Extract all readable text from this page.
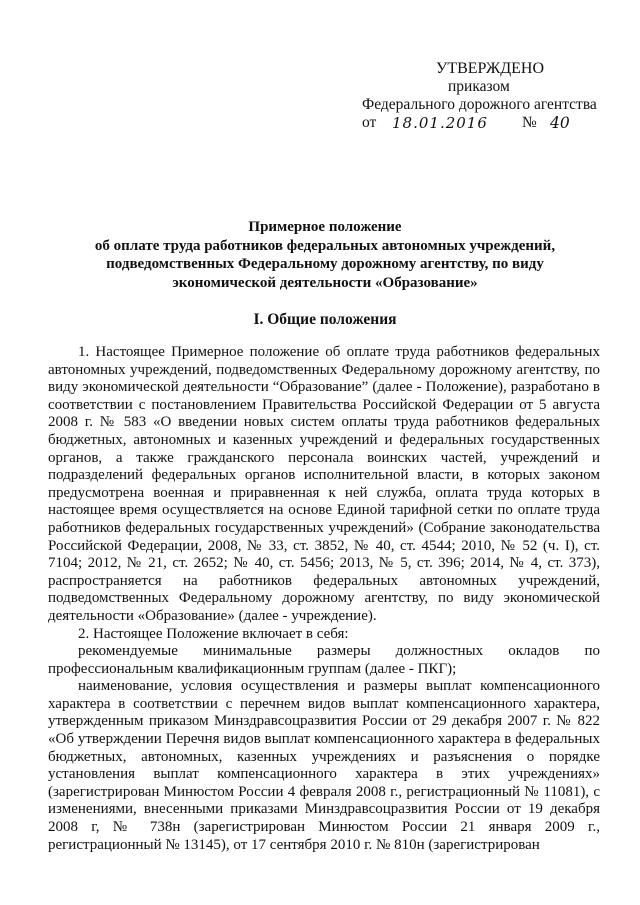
УТВЕРЖДЕНО
приказом
Федерального дорожного агентства
от 18.01.2016 № 40
Примерное положение
об оплате труда работников федеральных автономных учреждений,
подведомственных Федеральному дорожному агентству, по виду
экономической деятельности «Образование»
I. Общие положения

1. Настоящее Примерное положение об оплате труда работников федеральных автономных учреждений, подведомственных Федеральному дорожному агентству, по виду экономической деятельности “Образование” (далее - Положение), разработано в соответствии с постановлением Правительства Российской Федерации от 5 августа 2008 г. № 583 «О введении новых систем оплаты труда работников федеральных бюджетных, автономных и казенных учреждений и федеральных государственных органов, а также гражданского персонала воинских частей, учреждений и подразделений федеральных органов исполнительной власти, в которых законом предусмотрена военная и приравненная к ней служба, оплата труда которых в настоящее время осуществляется на основе Единой тарифной сетки по оплате труда работников федеральных государственных учреждений» (Собрание законодательства Российской Федерации, 2008, № 33, ст. 3852, № 40, ст. 4544; 2010, № 52 (ч. I), ст. 7104; 2012, № 21, ст. 2652; № 40, ст. 5456; 2013, № 5, ст. 396; 2014, № 4, ст. 373), распространяется на работников федеральных автономных учреждений, подведомственных Федеральному дорожному агентству, по виду экономической деятельности «Образование» (далее - учреждение).

2. Настоящее Положение включает в себя:

рекомендуемые минимальные размеры должностных окладов по профессиональным квалификационным группам (далее - ПКГ);

наименование, условия осуществления и размеры выплат компенсационного характера в соответствии с перечнем видов выплат компенсационного характера, утвержденным приказом Минздравсоцразвития России от 29 декабря 2007 г. № 822 «Об утверждении Перечня видов выплат компенсационного характера в федеральных бюджетных, автономных, казенных учреждениях и разъяснения о порядке установления выплат компенсационного характера в этих учреждениях» (зарегистрирован Минюстом России 4 февраля 2008 г., регистрационный № 11081), с изменениями, внесенными приказами Минздравсоцразвития России от 19 декабря 2008 г, № 738н (зарегистрирован Минюстом России 21 января 2009 г., регистрационный № 13145), от 17 сентября 2010 г. № 810н (зарегистрирован
